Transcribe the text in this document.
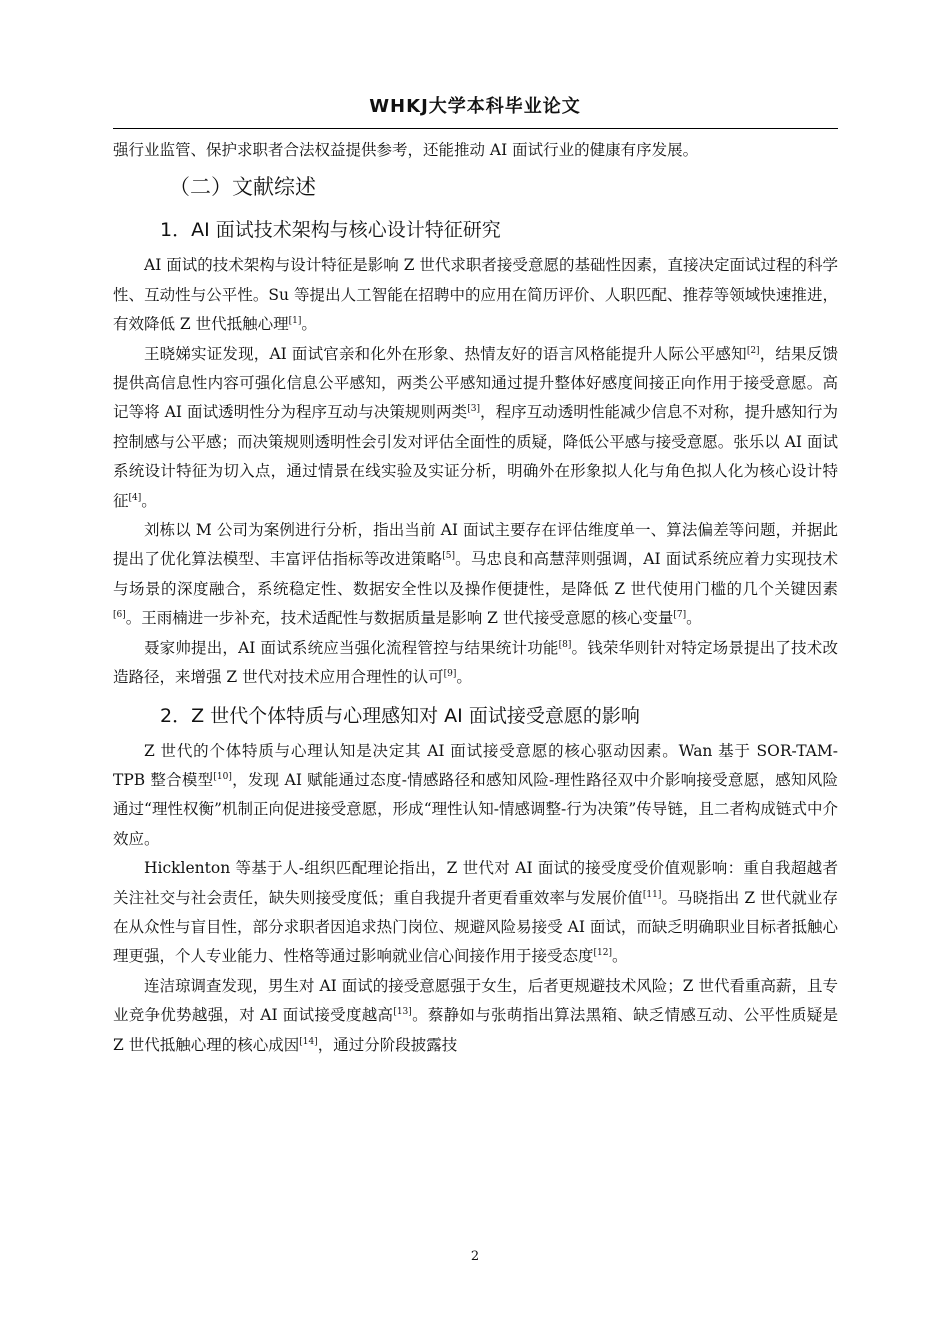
WHKJ大学本科毕业论文

强行业监管、保护求职者合法权益提供参考，还能推动 AI 面试行业的健康有序发展。

（二）文献综述
1．AI 面试技术架构与核心设计特征研究

AI 面试的技术架构与设计特征是影响 Z 世代求职者接受意愿的基础性因素，直接决定面试过程的科学性、互动性与公平性。Su 等提出人工智能在招聘中的应用在简历评价、人职匹配、推荐等领域快速推进，有效降低 Z 世代抵触心理[1]。

王晓娣实证发现，AI 面试官亲和化外在形象、热情友好的语言风格能提升人际公平感知[2]，结果反馈提供高信息性内容可强化信息公平感知，两类公平感知通过提升整体好感度间接正向作用于接受意愿。高记等将 AI 面试透明性分为程序互动与决策规则两类[3]，程序互动透明性能减少信息不对称，提升感知行为控制感与公平感；而决策规则透明性会引发对评估全面性的质疑，降低公平感与接受意愿。张乐以 AI 面试系统设计特征为切入点，通过情景在线实验及实证分析，明确外在形象拟人化与角色拟人化为核心设计特征[4]。

刘栋以 M 公司为案例进行分析，指出当前 AI 面试主要存在评估维度单一、算法偏差等问题，并据此提出了优化算法模型、丰富评估指标等改进策略[5]。马忠良和高慧萍则强调，AI 面试系统应着力实现技术与场景的深度融合，系统稳定性、数据安全性以及操作便捷性，是降低 Z 世代使用门槛的几个关键因素[6]。王雨楠进一步补充，技术适配性与数据质量是影响 Z 世代接受意愿的核心变量[7]。

聂家帅提出，AI 面试系统应当强化流程管控与结果统计功能[8]。钱荣华则针对特定场景提出了技术改造路径，来增强 Z 世代对技术应用合理性的认可[9]。

2．Z 世代个体特质与心理感知对 AI 面试接受意愿的影响

Z 世代的个体特质与心理认知是决定其 AI 面试接受意愿的核心驱动因素。Wan 基于 SOR-TAM-TPB 整合模型[10]，发现 AI 赋能通过态度-情感路径和感知风险-理性路径双中介影响接受意愿，感知风险通过“理性权衡”机制正向促进接受意愿，形成“理性认知-情感调整-行为决策”传导链，且二者构成链式中介效应。

Hicklenton 等基于人-组织匹配理论指出，Z 世代对 AI 面试的接受度受价值观影响：重自我超越者关注社交与社会责任，缺失则接受度低；重自我提升者更看重效率与发展价值[11]。马晓指出 Z 世代就业存在从众性与盲目性，部分求职者因追求热门岗位、规避风险易接受 AI 面试，而缺乏明确职业目标者抵触心理更强，个人专业能力、性格等通过影响就业信心间接作用于接受态度[12]。

连洁琼调查发现，男生对 AI 面试的接受意愿强于女生，后者更规避技术风险；Z 世代看重高薪，且专业竞争优势越强，对 AI 面试接受度越高[13]。蔡静如与张萌指出算法黑箱、缺乏情感互动、公平性质疑是 Z 世代抵触心理的核心成因[14]，通过分阶段披露技

2
